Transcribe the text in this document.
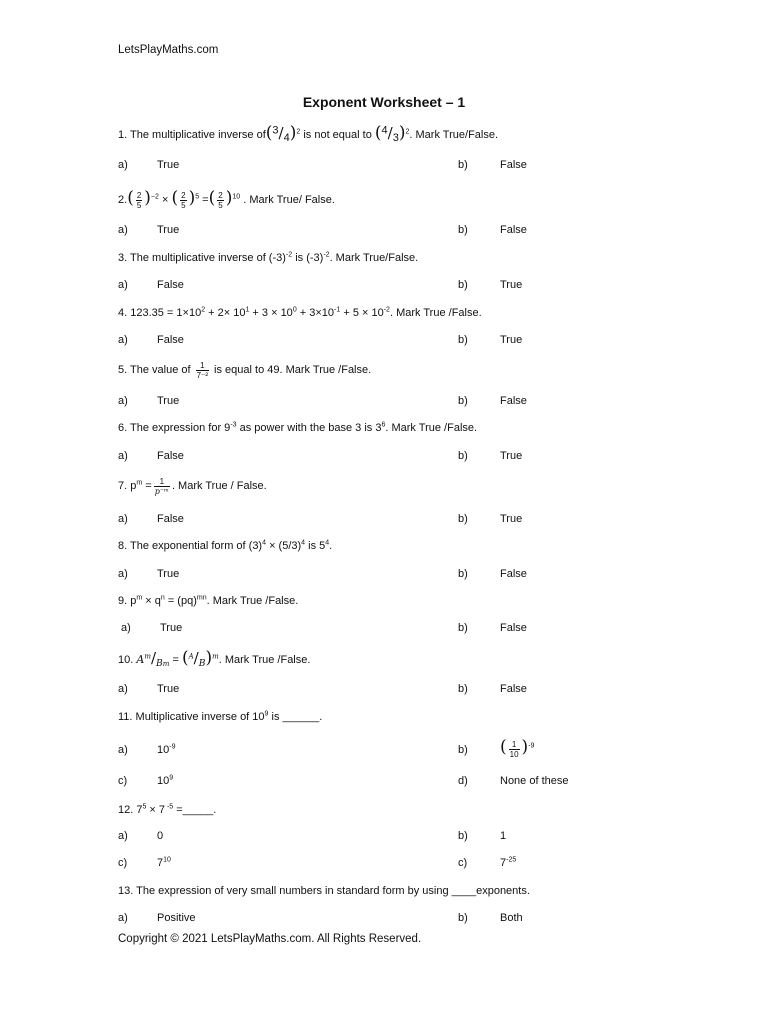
LetsPlayMaths.com
Exponent Worksheet – 1
1. The multiplicative inverse $of(^3/_4)^2$ is not equal to $(^4/_3)^2$. Mark True/False.
a)	True	b)	False
$2.( \frac{2}{5} )^{-2}$ × ( $\frac{2}{5} )^5$ =( $\frac{2}{5} )^{10}$ . Mark True/ False.
a)	True	b)	False
3. The multiplicative inverse of $(-3)^{-2}$ is $(-3)^{-2}$. Mark True/False.
a)	False	b)	True
4. $123.35 = 1\times 10^2 + 2\times 10^1 + 3 \times 10^0 + 3\times 10^{-1} + 5 \times 10^{-2}$. Mark True /False.
a)	False	b)	True
5. The value of $\frac{1}{\text{7⁻²}}$ is equal to 49. Mark True /False.
a)	True	b)	False
6. The expression for $9^{-3}$ as power with the base 3 is $3^6$. Mark True /False.
a)	False	b)	True
7. $p^m = \frac{1}{\text{p⁻ᵐ}}$ . Mark True / False.
a)	False	b)	True
8. The exponential form of $(3)^4 \times (5/3)^4$ is $5^4$.
a)	True	b)	False
9. $p^m \times q^n = (pq)^{mn}$. Mark True /False.
a)	True	b)	False
10. $A^m/_{Bm} = (^A/_B)^m$. Mark True /False.
a)	True	b)	False
11. Multiplicative inverse of $10^9$ is ______.
a)	$10^{-9}$	b) ( $\frac{1}{10} )^{-9}$
c)	$10^9$	d)	None of these
12. $7^5 \times 7$ $^{-5}$ =_____.
a)	0	b)	1
c)	$7^{10}$	c)	$7^{-25}$
13. The expression of very small numbers in standard form by using ____exponents.
a)	Positive	b)	Both
Copyright © 2021 LetsPlayMaths.com. All Rights Reserved.
